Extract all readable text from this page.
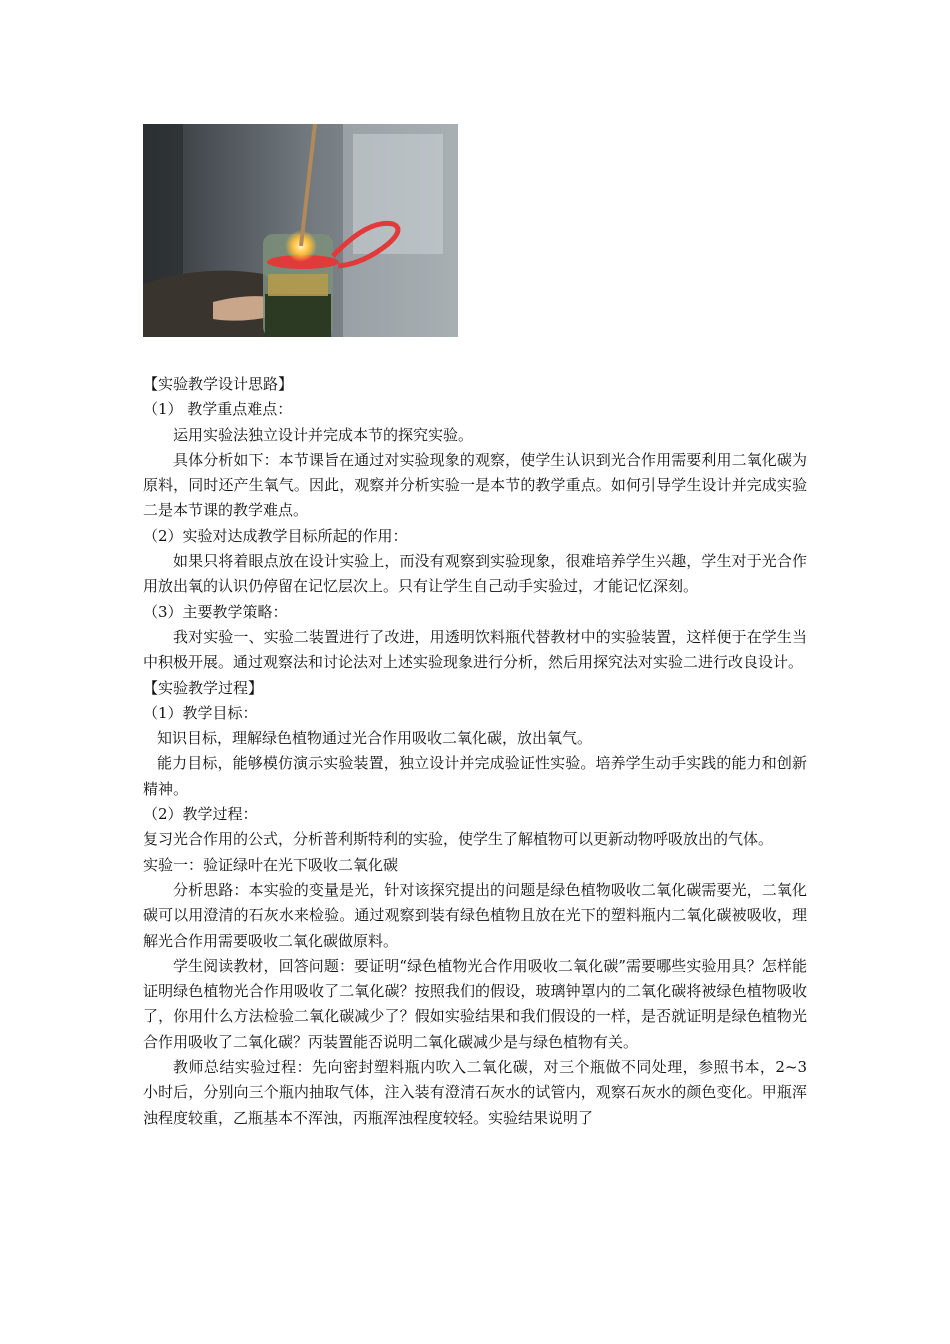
【实验教学设计思路】

（1） 教学重点难点：

运用实验法独立设计并完成本节的探究实验。

具体分析如下：本节课旨在通过对实验现象的观察，使学生认识到光合作用需要利用二氧化碳为原料，同时还产生氧气。因此，观察并分析实验一是本节的教学重点。如何引导学生设计并完成实验二是本节课的教学难点。

（2）实验对达成教学目标所起的作用：

如果只将着眼点放在设计实验上，而没有观察到实验现象，很难培养学生兴趣，学生对于光合作用放出氧的认识仍停留在记忆层次上。只有让学生自己动手实验过，才能记忆深刻。

（3）主要教学策略：

我对实验一、实验二装置进行了改进，用透明饮料瓶代替教材中的实验装置，这样便于在学生当中积极开展。通过观察法和讨论法对上述实验现象进行分析，然后用探究法对实验二进行改良设计。

【实验教学过程】

（1）教学目标：

知识目标，理解绿色植物通过光合作用吸收二氧化碳，放出氧气。

能力目标，能够模仿演示实验装置，独立设计并完成验证性实验。培养学生动手实践的能力和创新精神。

（2）教学过程：

复习光合作用的公式，分析普利斯特利的实验，使学生了解植物可以更新动物呼吸放出的气体。

实验一：验证绿叶在光下吸收二氧化碳

分析思路：本实验的变量是光，针对该探究提出的问题是绿色植物吸收二氧化碳需要光，二氧化碳可以用澄清的石灰水来检验。通过观察到装有绿色植物且放在光下的塑料瓶内二氧化碳被吸收，理解光合作用需要吸收二氧化碳做原料。

学生阅读教材，回答问题：要证明“绿色植物光合作用吸收二氧化碳”需要哪些实验用具？怎样能证明绿色植物光合作用吸收了二氧化碳？按照我们的假设，玻璃钟罩内的二氧化碳将被绿色植物吸收了，你用什么方法检验二氧化碳减少了？假如实验结果和我们假设的一样，是否就证明是绿色植物光合作用吸收了二氧化碳？丙装置能否说明二氧化碳减少是与绿色植物有关。

教师总结实验过程：先向密封塑料瓶内吹入二氧化碳，对三个瓶做不同处理，参照书本，2~3 小时后，分别向三个瓶内抽取气体，注入装有澄清石灰水的试管内，观察石灰水的颜色变化。甲瓶浑浊程度较重，乙瓶基本不浑浊，丙瓶浑浊程度较轻。实验结果说明了
